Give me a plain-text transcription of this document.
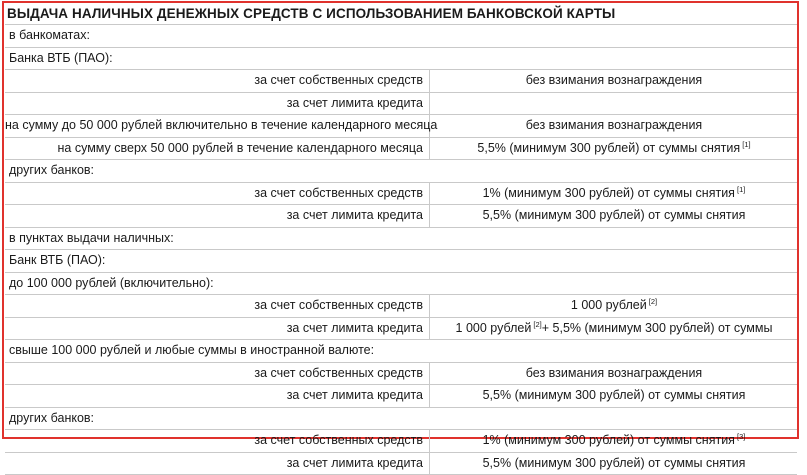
ВЫДАЧА НАЛИЧНЫХ ДЕНЕЖНЫХ СРЕДСТВ С ИСПОЛЬЗОВАНИЕМ БАНКОВСКОЙ КАРТЫ
в банкоматах:
Банка ВТБ (ПАО):
за счет собственных средств	без взимания вознаграждения
за счет лимита кредита
на сумму до 50 000 рублей включительно в течение календарного месяца	без взимания вознаграждения
на сумму сверх 50 000 рублей в течение календарного месяца	5,5% (минимум 300 рублей) от суммы снятия [1]
других банков:
за счет собственных средств	1% (минимум 300 рублей) от суммы снятия [1]
за счет лимита кредита	5,5% (минимум 300 рублей) от суммы снятия
в пунктах выдачи наличных:
Банк ВТБ (ПАО):
до 100 000 рублей (включительно):
за счет собственных средств	1 000 рублей [2]
за счет лимита кредита	1 000 рублей [2]+ 5,5% (минимум 300 рублей) от суммы
свыше 100 000 рублей и любые суммы в иностранной валюте:
за счет собственных средств	без взимания вознаграждения
за счет лимита кредита	5,5% (минимум 300 рублей) от суммы снятия
других банков:
за счет собственных средств	1% (минимум 300 рублей) от суммы снятия [3]
за счет лимита кредита	5,5% (минимум 300 рублей) от суммы снятия
